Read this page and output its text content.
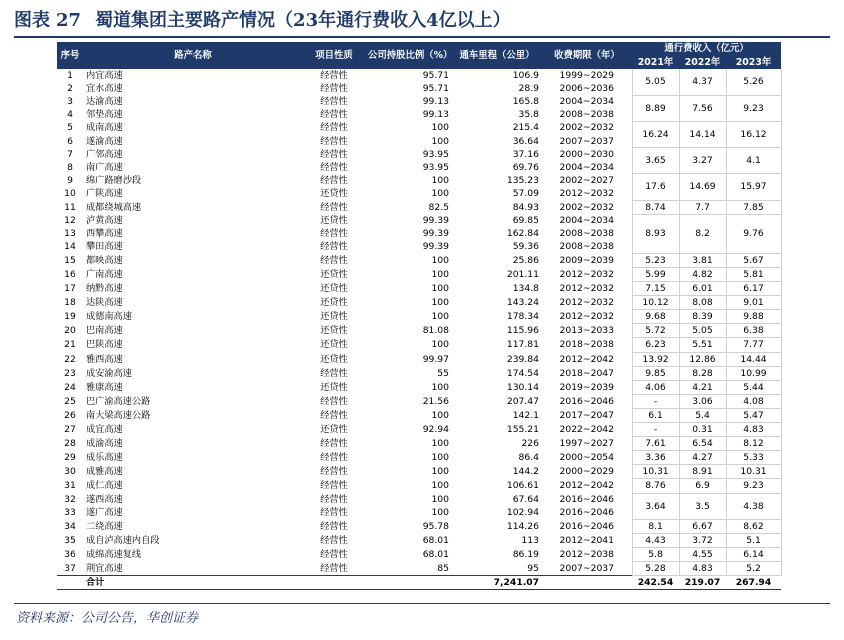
图表 27 蜀道集团主要路产情况（23年通行费收入4亿以上）
序号	路产名称	项目性质	公司持股比例（%）	通车里程（公里）	收费期限（年）	通行费收入（亿元）		
						2021年	2022年	2023年
1	内宜高速	经营性	95.71	106.9	1999~2029	5.05	4.37	5.26
2	宜水高速	经营性	95.71	28.9	2006~2036			
3	达渝高速	经营性	99.13	165.8	2004~2034	8.89	7.56	9.23
4	邻垫高速	经营性	99.13	35.8	2008~2038			
5	成南高速	经营性	100	215.4	2002~2032	16.24	14.14	16.12
6	遂渝高速	经营性	100	36.64	2007~2037			
7	广邻高速	经营性	93.95	37.16	2000~2030	3.65	3.27	4.1
8	南广高速	经营性	93.95	69.76	2004~2034			
9	绵广路磨沙段	经营性	100	135.23	2002~2027	17.6	14.69	15.97
10	广陕高速	还贷性	100	57.09	2012~2032			
11	成都绕城高速	经营性	82.5	84.93	2002~2032	8.74	7.7	7.85
12	泸黄高速	还贷性	99.39	69.85	2004~2034	8.93	8.2	9.76
13	西攀高速	经营性	99.39	162.84	2008~2038			
14	攀田高速	经营性	99.39	59.36	2008~2038			
15	都映高速	经营性	100	25.86	2009~2039	5.23	3.81	5.67
16	广南高速	还贷性	100	201.11	2012~2032	5.99	4.82	5.81
17	纳黔高速	还贷性	100	134.8	2012~2032	7.15	6.01	6.17
18	达陕高速	还贷性	100	143.24	2012~2032	10.12	8.08	9.01
19	成德南高速	还贷性	100	178.34	2012~2032	9.68	8.39	9.88
20	巴南高速	还贷性	81.08	115.96	2013~2033	5.72	5.05	6.38
21	巴陕高速	还贷性	100	117.81	2018~2038	6.23	5.51	7.77
22	雅西高速	还贷性	99.97	239.84	2012~2042	13.92	12.86	14.44
23	成安渝高速	经营性	55	174.54	2018~2047	9.85	8.28	10.99
24	雅康高速	还贷性	100	130.14	2019~2039	4.06	4.21	5.44
25	巴广渝高速公路	经营性	21.56	207.47	2016~2046	-	3.06	4.08
26	南大梁高速公路	经营性	100	142.1	2017~2047	6.1	5.4	5.47
27	成宜高速	还贷性	92.94	155.21	2022~2042	-	0.31	4.83
28	成渝高速	经营性	100	226	1997~2027	7.61	6.54	8.12
29	成乐高速	经营性	100	86.4	2000~2054	3.36	4.27	5.33
30	成雅高速	经营性	100	144.2	2000~2029	10.31	8.91	10.31
31	成仁高速	经营性	100	106.61	2012~2042	8.76	6.9	9.23
32	遂西高速	经营性	100	67.64	2016~2046	3.64	3.5	4.38
33	遂广高速	经营性	100	102.94	2016~2046			
34	二绕高速	经营性	95.78	114.26	2016~2046	8.1	6.67	8.62
35	成自泸高速内自段	经营性	68.01	113	2012~2041	4.43	3.72	5.1
36	成绵高速复线	经营性	68.01	86.19	2012~2038	5.8	4.55	6.14
37	荆宜高速	经营性	85	95	2007~2037	5.28	4.83	5.2
	合计			7,241.07		242.54	219.07	267.94
资料来源：公司公告，华创证券
